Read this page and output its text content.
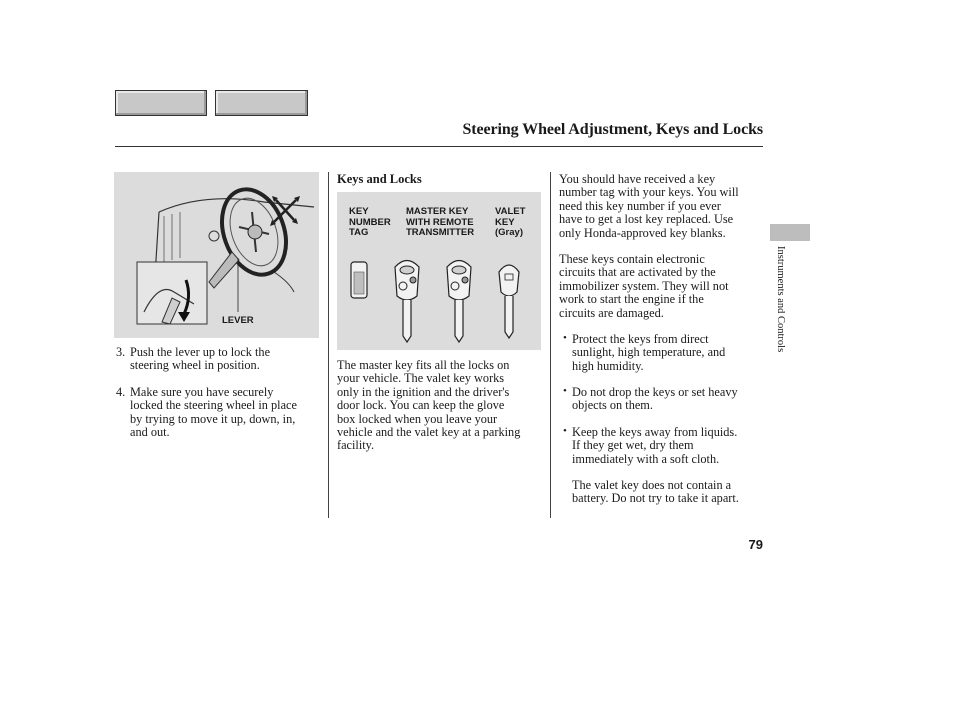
Steering Wheel Adjustment, Keys and Locks
LEVER
3. Push the lever up to lock the
steering wheel in position.
4. Make sure you have securely
locked the steering wheel in place
by trying to move it up, down, in,
and out.
Keys and Locks
KEY
NUMBER
TAG
MASTER KEY
WITH REMOTE
TRANSMITTER
VALET
KEY
(Gray)
The master key fits all the locks on
your vehicle. The valet key works
only in the ignition and the driver's
door lock. You can keep the glove
box locked when you leave your
vehicle and the valet key at a parking
facility.
You should have received a key
number tag with your keys. You will
need this key number if you ever
have to get a lost key replaced. Use
only Honda-approved key blanks.
These keys contain electronic
circuits that are activated by the
immobilizer system. They will not
work to start the engine if the
circuits are damaged.
• Protect the keys from direct
sunlight, high temperature, and
high humidity.
• Do not drop the keys or set heavy
objects on them.
• Keep the keys away from liquids.
If they get wet, dry them
immediately with a soft cloth.
The valet key does not contain a
battery. Do not try to take it apart.
Instruments and Controls
79
